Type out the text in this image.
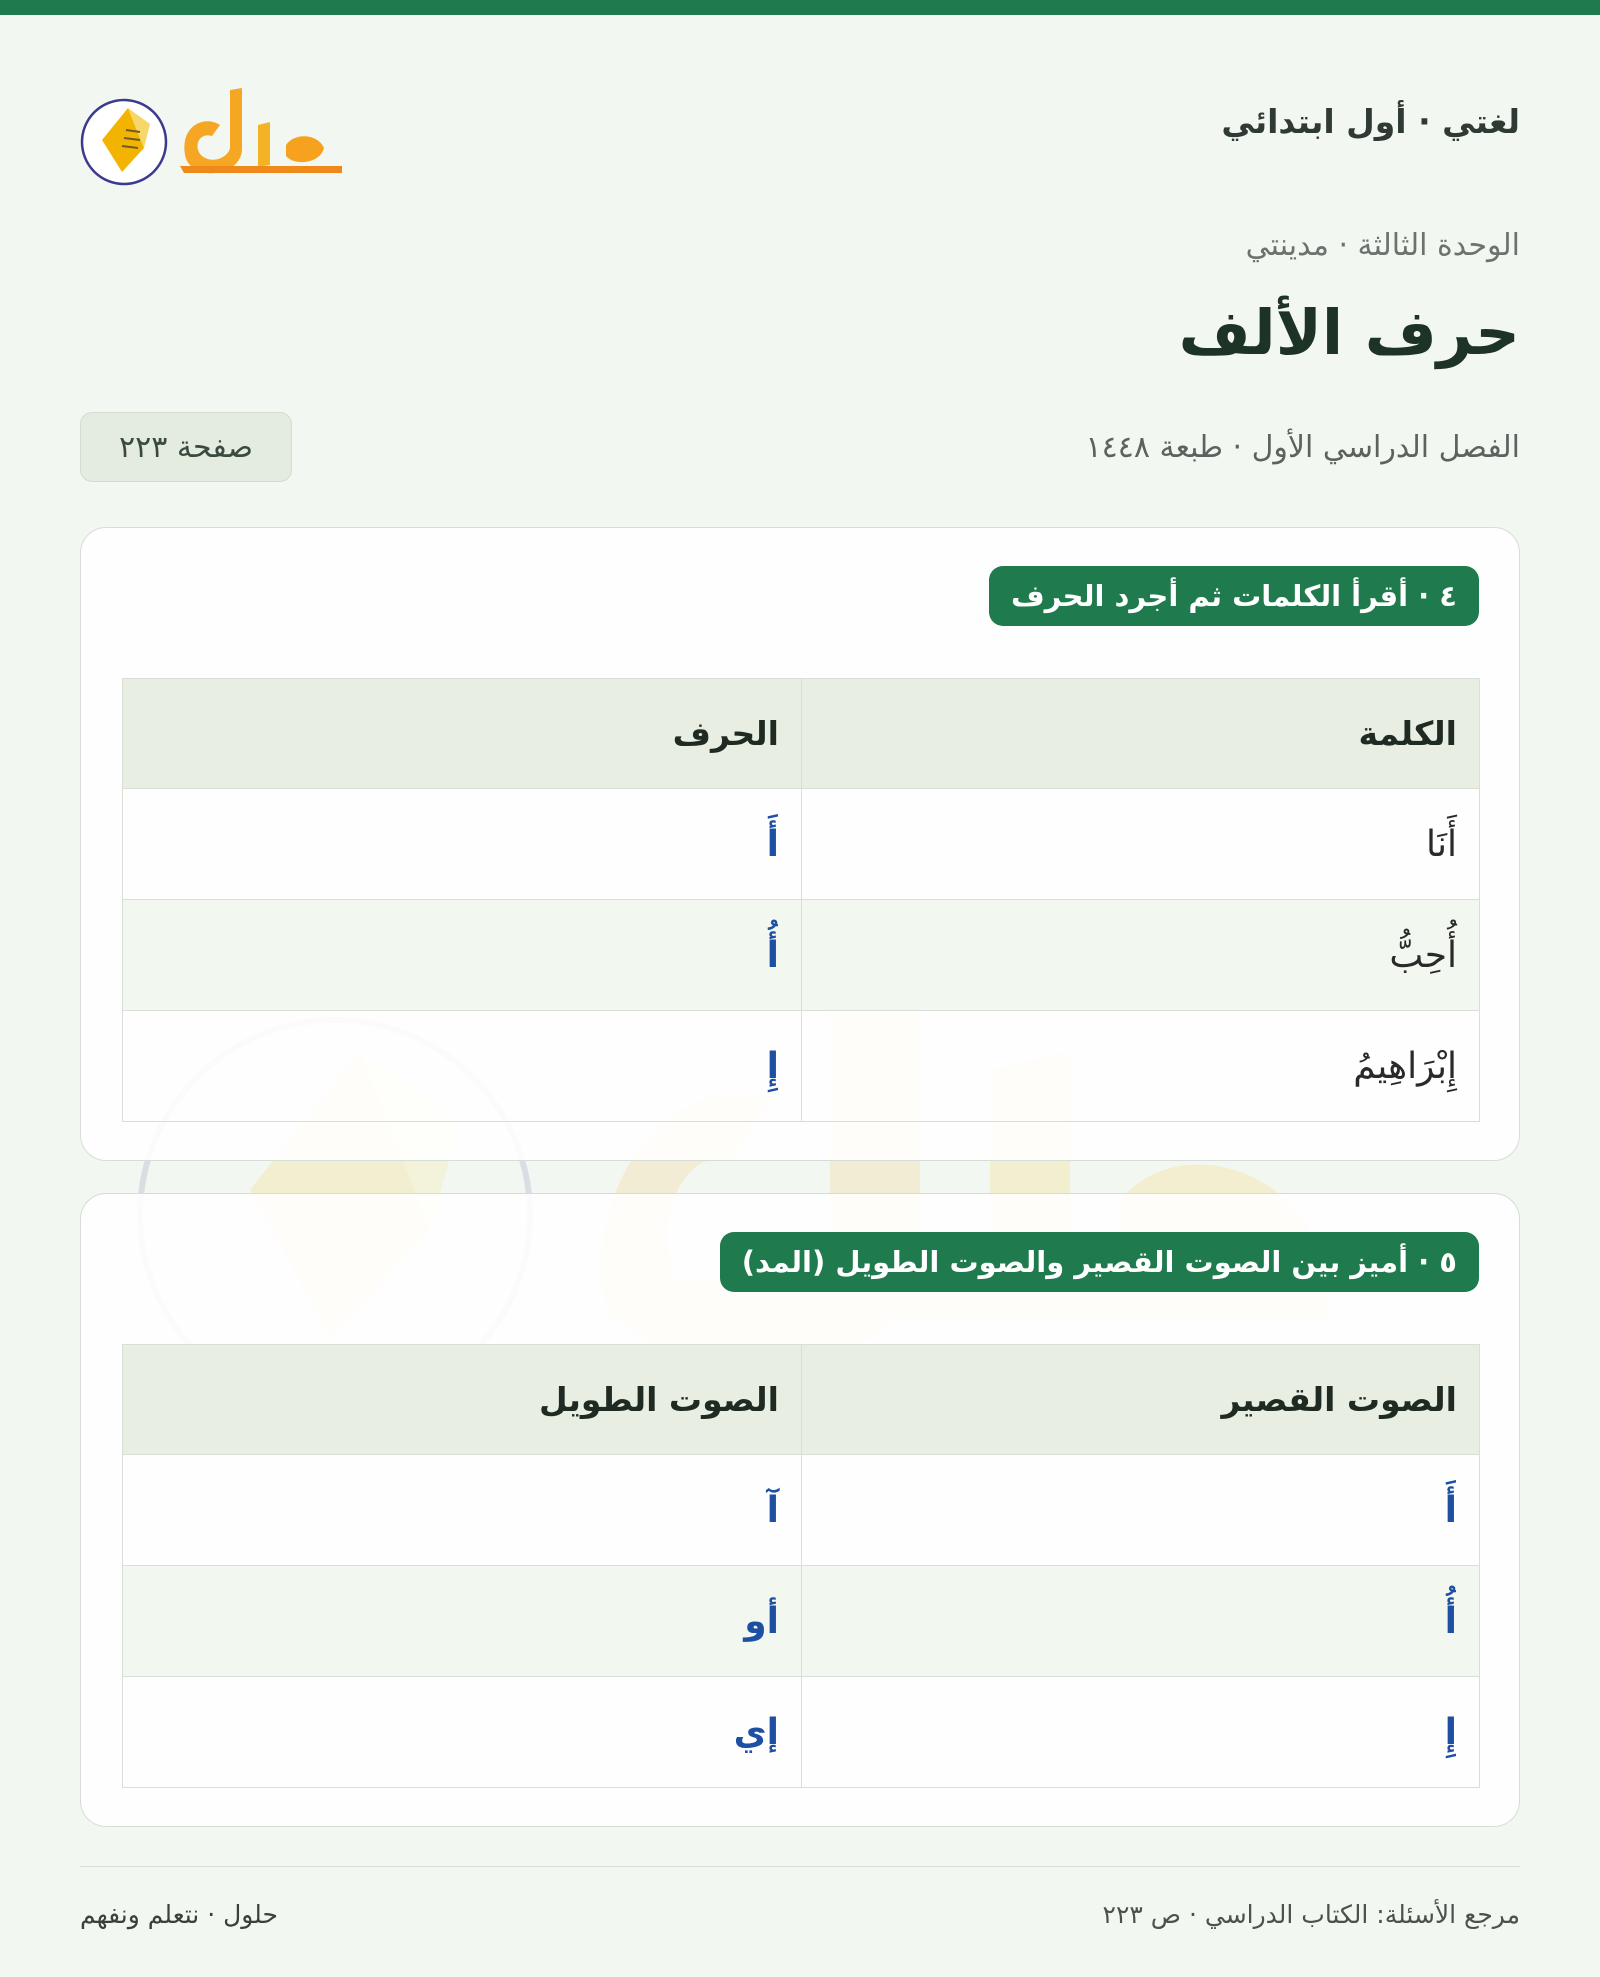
لغتي · أول ابتدائي
الوحدة الثالثة · مدينتي
حرف الألف
الفصل الدراسي الأول · طبعة ١٤٤٨
صفحة ٢٢٣
٤ · أقرأ الكلمات ثم أجرد الحرف
الكلمة	الحرف
أَنَا	أَ
أُحِبُّ	أُ
إِبْرَاهِيمُ	إِ
٥ · أميز بين الصوت القصير والصوت الطويل (المد)
الصوت القصير	الصوت الطويل
أَ	آ
أُ	أو
إِ	إي
حلول · نتعلم ونفهم	مرجع الأسئلة: الكتاب الدراسي · ص ٢٢٣
